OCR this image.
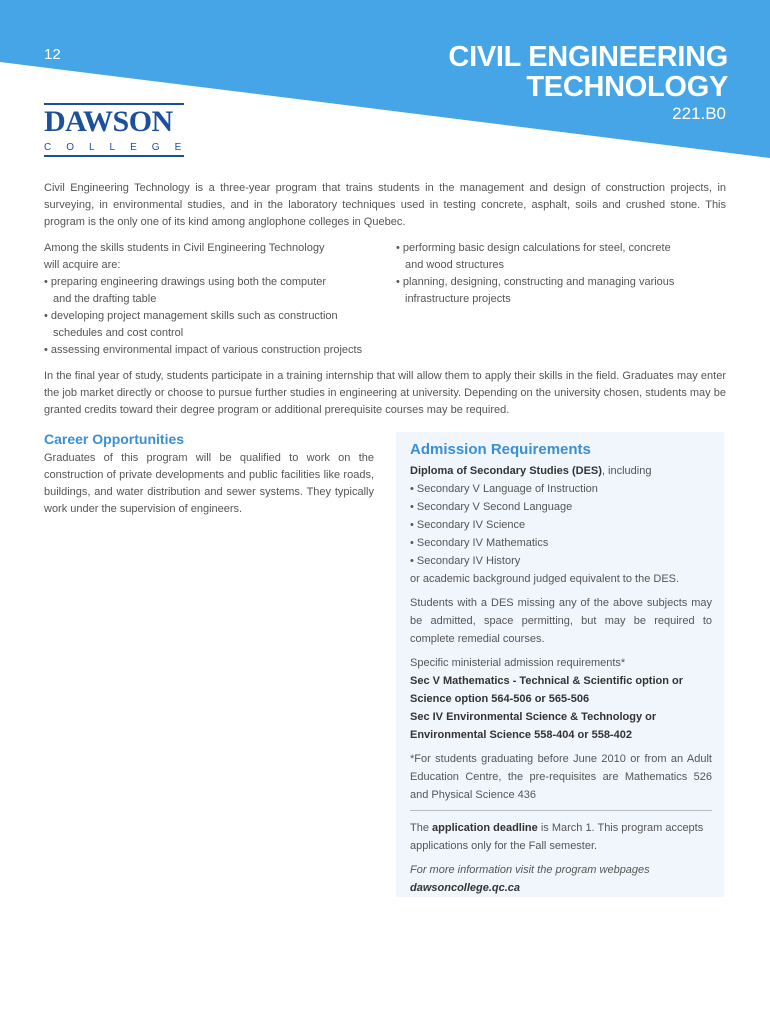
12	CIVIL ENGINEERING
TECHNOLOGY
221.B0
DAWSON
COLLEGE

Civil Engineering Technology is a three-year program that trains students in the management and design of construction projects, in surveying, in environmental studies, and in the laboratory techniques used in testing concrete, asphalt, soils and crushed stone. This program is the only one of its kind among anglophone colleges in Quebec.

Among the skills students in Civil Engineering Technology
will acquire are:
• preparing engineering drawings using both the computer
and the drafting table
• developing project management skills such as construction
schedules and cost control
• assessing environmental impact of various construction projects
• performing basic design calculations for steel, concrete
and wood structures
• planning, designing, constructing and managing various
infrastructure projects

In the final year of study, students participate in a training internship that will allow them to apply their skills in the field. Graduates may enter the job market directly or choose to pursue further studies in engineering at university. Depending on the university chosen, students may be granted credits toward their degree program or additional prerequisite courses may be required.

Career Opportunities

Graduates of this program will be qualified to work on the construction of private developments and public facilities like roads, buildings, and water distribution and sewer systems. They typically work under the supervision of engineers.

Admission Requirements
Diploma of Secondary Studies (DES), including
• Secondary V Language of Instruction
• Secondary V Second Language
• Secondary IV Science
• Secondary IV Mathematics
• Secondary IV History
or academic background judged equivalent to the DES.
Students with a DES missing any of the above subjects may be admitted, space permitting, but may be required to complete remedial courses.
Specific ministerial admission requirements*
Sec V Mathematics - Technical & Scientific option or
Science option 564-506 or 565-506
Sec IV Environmental Science & Technology or
Environmental Science 558-404 or 558-402
*For students graduating before June 2010 or from an Adult Education Centre, the pre-requisites are Mathematics 526 and Physical Science 436
The application deadline is March 1. This program accepts applications only for the Fall semester.
For more information visit the program webpages
dawsoncollege.qc.ca
